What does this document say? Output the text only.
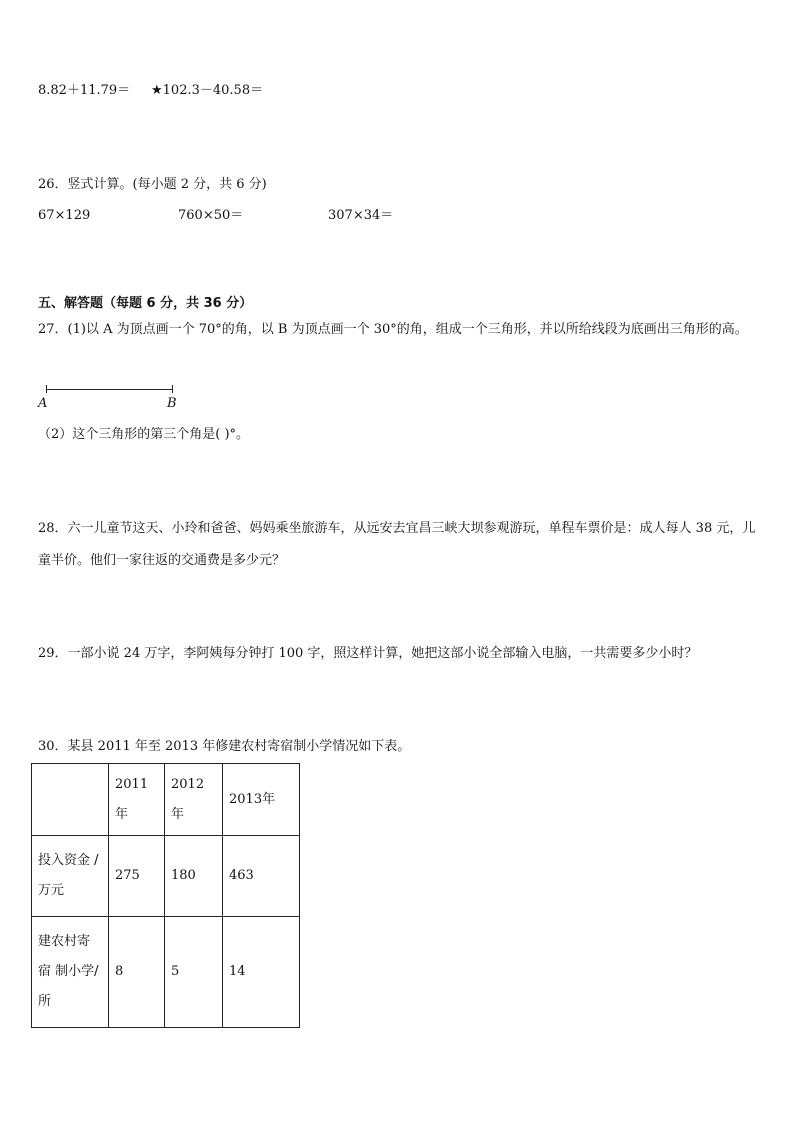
8.82＋11.79＝ ★102.3－40.58＝
26．竖式计算。(每小题 2 分，共 6 分)
67×129	760×50＝	307×34＝
五、解答题（每题 6 分，共 36 分）
27．(1)以 A 为顶点画一个 70°的角，以 B 为顶点画一个 30°的角，组成一个三角形，并以所给线段为底画出三角形的高。
A	B
（2）这个三角形的第三个角是( )°。
28．六一儿童节这天、小玲和爸爸、妈妈乘坐旅游车，从远安去宜昌三峡大坝参观游玩，单程车票价是：成人每人 38 元，儿童半价。他们一家往返的交通费是多少元？
29．一部小说 24 万字，李阿姨每分钟打 100 字，照这样计算，她把这部小说全部输入电脑，一共需要多少小时？
30．某县 2011 年至 2013 年修建农村寄宿制小学情况如下表。
	2011 年	2012 年	2013年
投入资金 /万元	275	180	463
建农村寄宿 制小学/所	8	5	14
